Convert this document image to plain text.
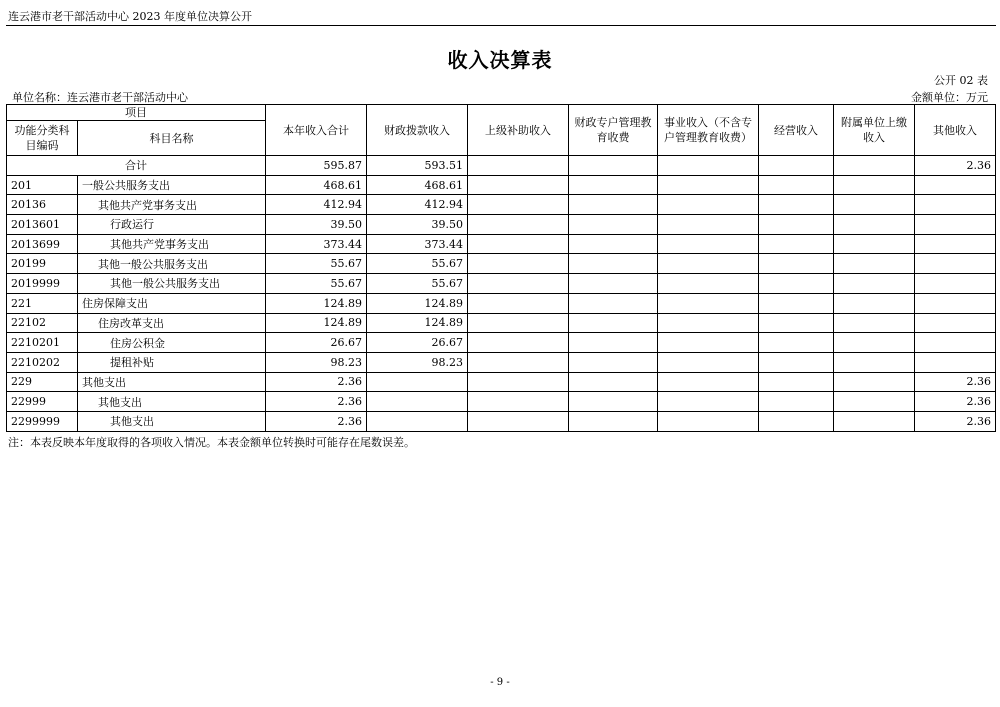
连云港市老干部活动中心 2023 年度单位决算公开
收入决算表
公开 02 表
单位名称：连云港市老干部活动中心	金额单位：万元
项目		本年收入合计	财政拨款收入	上级补助收入	财政专户管理教育收费	事业收入（不含专户管理教育收费）	经营收入	附属单位上缴收入	其他收入
功能分类科目编码	科目名称								
合计		595.87	593.51						2.36
201	一般公共服务支出	468.61	468.61						
20136	其他共产党事务支出	412.94	412.94						
2013601	行政运行	39.50	39.50						
2013699	其他共产党事务支出	373.44	373.44						
20199	其他一般公共服务支出	55.67	55.67						
2019999	其他一般公共服务支出	55.67	55.67						
221	住房保障支出	124.89	124.89						
22102	住房改革支出	124.89	124.89						
2210201	住房公积金	26.67	26.67						
2210202	提租补贴	98.23	98.23						
229	其他支出	2.36							2.36
22999	其他支出	2.36							2.36
2299999	其他支出	2.36							2.36
注：本表反映本年度取得的各项收入情况。本表金额单位转换时可能存在尾数误差。
- 9 -
